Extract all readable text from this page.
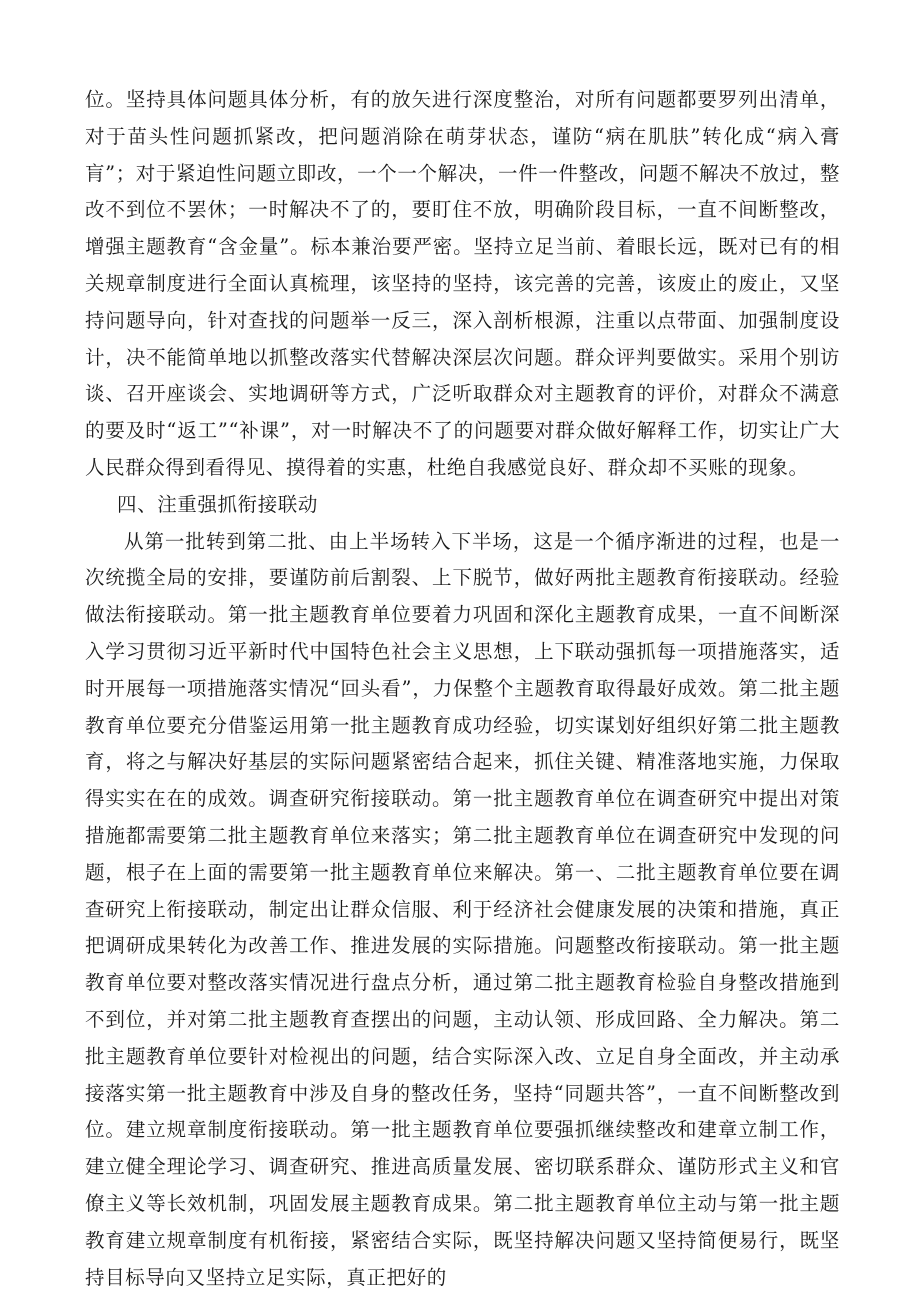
位。坚持具体问题具体分析，有的放矢进行深度整治，对所有问题都要罗列出清单，对于苗头性问题抓紧改，把问题消除在萌芽状态，谨防“病在肌肤”转化成“病入膏肓”；对于紧迫性问题立即改，一个一个解决，一件一件整改，问题不解决不放过，整改不到位不罢休；一时解决不了的，要盯住不放，明确阶段目标，一直不间断整改，增强主题教育“含金量”。标本兼治要严密。坚持立足当前、着眼长远，既对已有的相关规章制度进行全面认真梳理，该坚持的坚持，该完善的完善，该废止的废止，又坚持问题导向，针对查找的问题举一反三，深入剖析根源，注重以点带面、加强制度设计，决不能简单地以抓整改落实代替解决深层次问题。群众评判要做实。采用个别访谈、召开座谈会、实地调研等方式，广泛听取群众对主题教育的评价，对群众不满意的要及时“返工”“补课”，对一时解决不了的问题要对群众做好解释工作，切实让广大人民群众得到看得见、摸得着的实惠，杜绝自我感觉良好、群众却不买账的现象。

四、注重强抓衔接联动

从第一批转到第二批、由上半场转入下半场，这是一个循序渐进的过程，也是一次统揽全局的安排，要谨防前后割裂、上下脱节，做好两批主题教育衔接联动。经验做法衔接联动。第一批主题教育单位要着力巩固和深化主题教育成果，一直不间断深入学习贯彻习近平新时代中国特色社会主义思想，上下联动强抓每一项措施落实，适时开展每一项措施落实情况“回头看”，力保整个主题教育取得最好成效。第二批主题教育单位要充分借鉴运用第一批主题教育成功经验，切实谋划好组织好第二批主题教育，将之与解决好基层的实际问题紧密结合起来，抓住关键、精准落地实施，力保取得实实在在的成效。调查研究衔接联动。第一批主题教育单位在调查研究中提出对策措施都需要第二批主题教育单位来落实；第二批主题教育单位在调查研究中发现的问题，根子在上面的需要第一批主题教育单位来解决。第一、二批主题教育单位要在调查研究上衔接联动，制定出让群众信服、利于经济社会健康发展的决策和措施，真正把调研成果转化为改善工作、推进发展的实际措施。问题整改衔接联动。第一批主题教育单位要对整改落实情况进行盘点分析，通过第二批主题教育检验自身整改措施到不到位，并对第二批主题教育查摆出的问题，主动认领、形成回路、全力解决。第二批主题教育单位要针对检视出的问题，结合实际深入改、立足自身全面改，并主动承接落实第一批主题教育中涉及自身的整改任务，坚持“同题共答”，一直不间断整改到位。建立规章制度衔接联动。第一批主题教育单位要强抓继续整改和建章立制工作，建立健全理论学习、调查研究、推进高质量发展、密切联系群众、谨防形式主义和官僚主义等长效机制，巩固发展主题教育成果。第二批主题教育单位主动与第一批主题教育建立规章制度有机衔接，紧密结合实际，既坚持解决问题又坚持简便易行，既坚持目标导向又坚持立足实际，真正把好的
